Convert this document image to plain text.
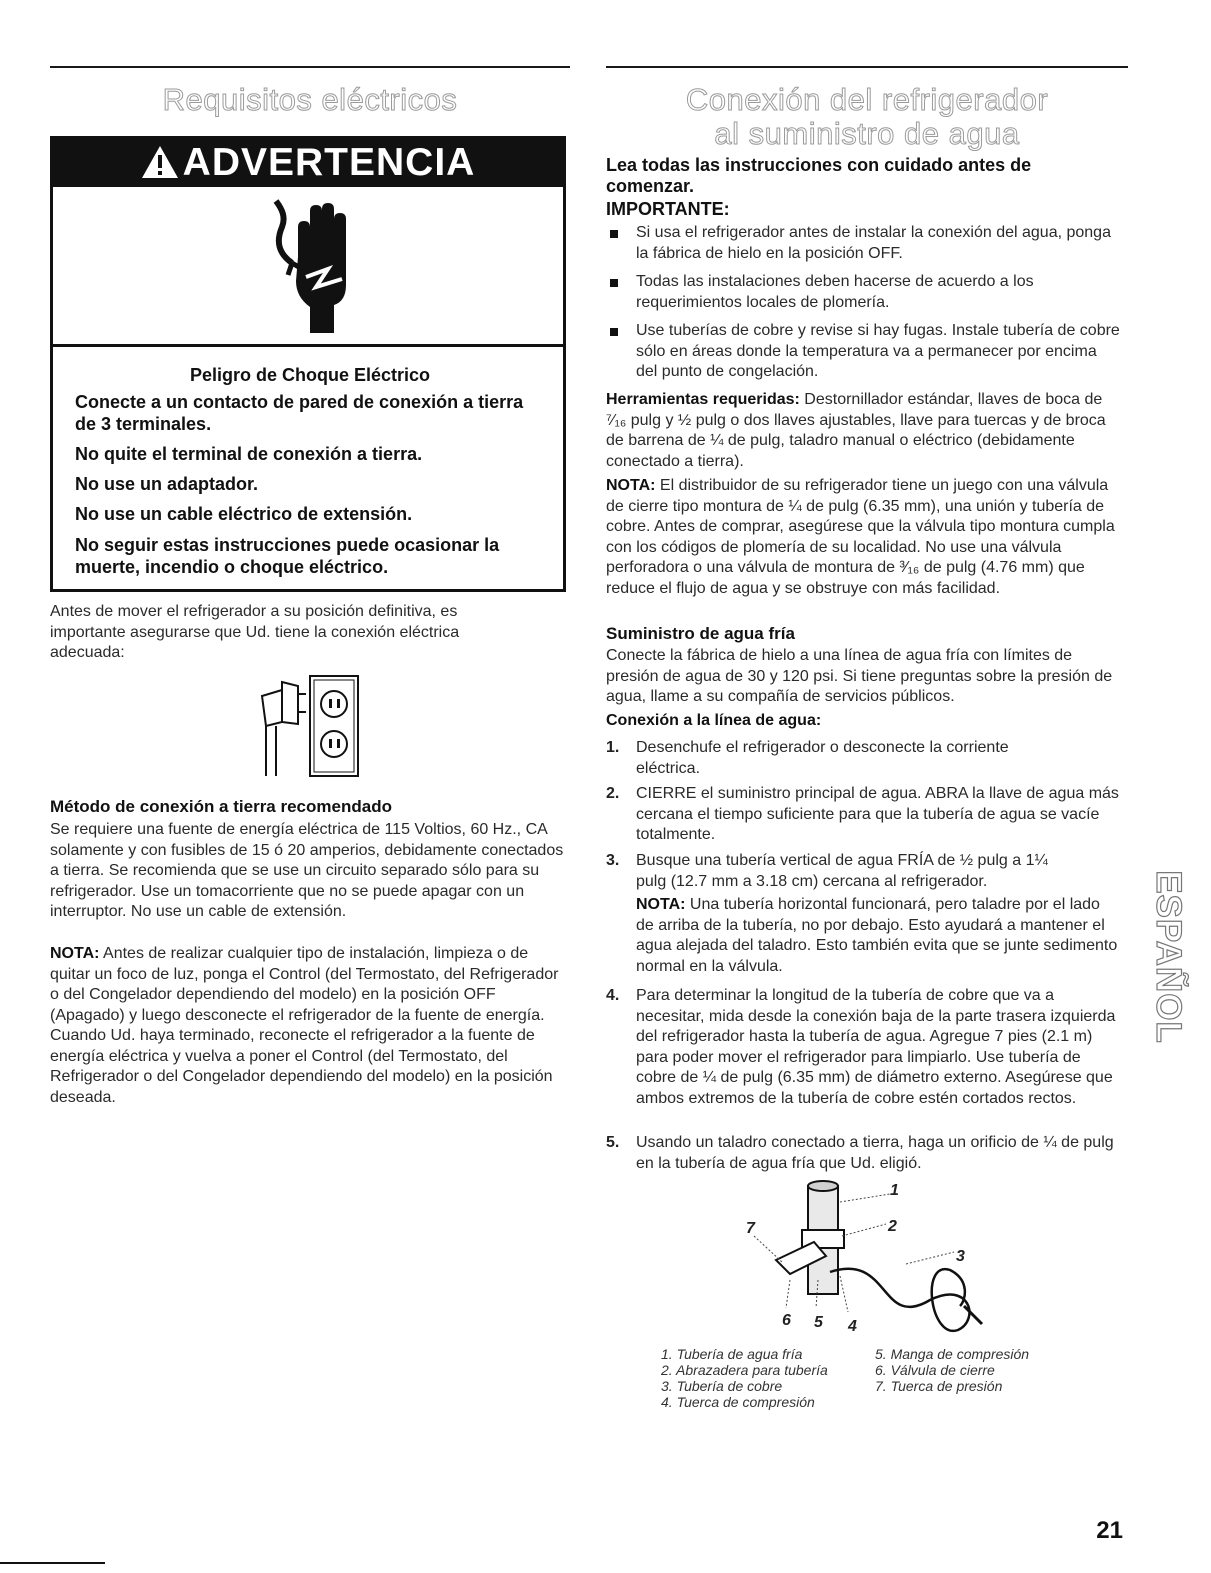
Requisitos eléctricos
ADVERTENCIA
Peligro de Choque Eléctrico
Conecte a un contacto de pared de conexión a tierra de 3 terminales.
No quite el terminal de conexión a tierra.
No use un adaptador.
No use un cable eléctrico de extensión.
No seguir estas instrucciones puede ocasionar la muerte, incendio o choque eléctrico.
Antes de mover el refrigerador a su posición definitiva, es importante asegurarse que Ud. tiene la conexión eléctrica adecuada:
Método de conexión a tierra recomendado
Se requiere una fuente de energía eléctrica de 115 Voltios, 60 Hz., CA solamente y con fusibles de 15 ó 20 amperios, debidamente conectados a tierra. Se recomienda que se use un circuito separado sólo para su refrigerador. Use un tomacorriente que no se puede apagar con un interruptor. No use un cable de extensión.
NOTA: Antes de realizar cualquier tipo de instalación, limpieza o de quitar un foco de luz, ponga el Control (del Termostato, del Refrigerador o del Congelador dependiendo del modelo) en la posición OFF (Apagado) y luego desconecte el refrigerador de la fuente de energía. Cuando Ud. haya terminado, reconecte el refrigerador a la fuente de energía eléctrica y vuelva a poner el Control (del Termostato, del Refrigerador o del Congelador dependiendo del modelo) en la posición deseada.
Conexión del refrigerador
al suministro de agua
Lea todas las instrucciones con cuidado antes de comenzar.
IMPORTANTE:
Si usa el refrigerador antes de instalar la conexión del agua, ponga la fábrica de hielo en la posición OFF.
Todas las instalaciones deben hacerse de acuerdo a los requerimientos locales de plomería.
Use tuberías de cobre y revise si hay fugas. Instale tubería de cobre sólo en áreas donde la temperatura va a permanecer por encima del punto de congelación.
Herramientas requeridas: Destornillador estándar, llaves de boca de ⁷⁄₁₆ pulg y ½ pulg o dos llaves ajustables, llave para tuercas y de broca de barrena de ¼ de pulg, taladro manual o eléctrico (debidamente conectado a tierra).
NOTA: El distribuidor de su refrigerador tiene un juego con una válvula de cierre tipo montura de ¼ de pulg (6.35 mm), una unión y tubería de cobre. Antes de comprar, asegúrese que la válvula tipo montura cumpla con los códigos de plomería de su localidad. No use una válvula perforadora o una válvula de montura de ³⁄₁₆ de pulg (4.76 mm) que reduce el flujo de agua y se obstruye con más facilidad.
Suministro de agua fría
Conecte la fábrica de hielo a una línea de agua fría con límites de presión de agua de 30 y 120 psi. Si tiene preguntas sobre la presión de agua, llame a su compañía de servicios públicos.
Conexión a la línea de agua:
1. Desenchufe el refrigerador o desconecte la corriente eléctrica.
2. CIERRE el suministro principal de agua. ABRA la llave de agua más cercana el tiempo suficiente para que la tubería de agua se vacíe totalmente.
3. Busque una tubería vertical de agua FRÍA de ½ pulg a 1¼ pulg (12.7 mm a 3.18 cm) cercana al refrigerador.
NOTA: Una tubería horizontal funcionará, pero taladre por el lado de arriba de la tubería, no por debajo. Esto ayudará a mantener el agua alejada del taladro. Esto también evita que se junte sedimento normal en la válvula.
4. Para determinar la longitud de la tubería de cobre que va a necesitar, mida desde la conexión baja de la parte trasera izquierda del refrigerador hasta la tubería de agua. Agregue 7 pies (2.1 m) para poder mover el refrigerador para limpiarlo. Use tubería de cobre de ¼ de pulg (6.35 mm) de diámetro externo. Asegúrese que ambos extremos de la tubería de cobre estén cortados rectos.
5. Usando un taladro conectado a tierra, haga un orificio de ¼ de pulg en la tubería de agua fría que Ud. eligió.
1
2
3
4
5
6
7
1. Tubería de agua fría
2. Abrazadera para tubería
3. Tubería de cobre
4. Tuerca de compresión
5. Manga de compresión
6. Válvula de cierre
7. Tuerca de presión
ESPAÑOL
21
